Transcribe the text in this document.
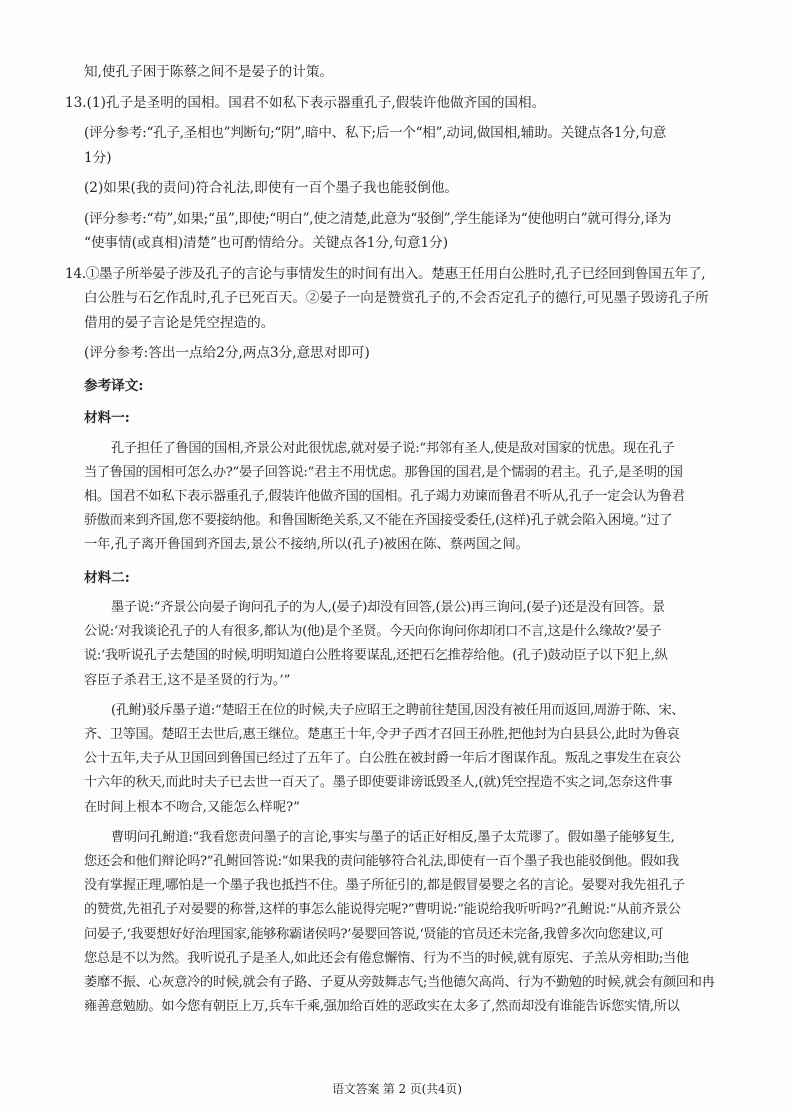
知,使孔子困于陈蔡之间不是晏子的计策。
13.(1)孔子是圣明的国相。国君不如私下表示器重孔子,假装许他做齐国的国相。
(评分参考:“孔子,圣相也”判断句;“阴”,暗中、私下;后一个“相”,动词,做国相,辅助。关键点各1分,句意
1分)
(2)如果(我的责问)符合礼法,即使有一百个墨子我也能驳倒他。
(评分参考:“苟”,如果;“虽”,即使;“明白”,使之清楚,此意为“驳倒”,学生能译为“使他明白”就可得分,译为
“使事情(或真相)清楚”也可酌情给分。关键点各1分,句意1分)
14.①墨子所举晏子涉及孔子的言论与事情发生的时间有出入。楚惠王任用白公胜时,孔子已经回到鲁国五年了,
白公胜与石乞作乱时,孔子已死百天。②晏子一向是赞赏孔子的,不会否定孔子的德行,可见墨子毁谤孔子所
借用的晏子言论是凭空捏造的。
(评分参考:答出一点给2分,两点3分,意思对即可)
参考译文:
材料一:
孔子担任了鲁国的国相,齐景公对此很忧虑,就对晏子说:“邦邻有圣人,使是敌对国家的忧患。现在孔子
当了鲁国的国相可怎么办?”晏子回答说:“君主不用忧虑。那鲁国的国君,是个懦弱的君主。孔子,是圣明的国
相。国君不如私下表示器重孔子,假装许他做齐国的国相。孔子竭力劝谏而鲁君不听从,孔子一定会认为鲁君
骄傲而来到齐国,您不要接纳他。和鲁国断绝关系,又不能在齐国接受委任,(这样)孔子就会陷入困境。”过了
一年,孔子离开鲁国到齐国去,景公不接纳,所以(孔子)被困在陈、蔡两国之间。
材料二:
墨子说:“齐景公向晏子询问孔子的为人,(晏子)却没有回答,(景公)再三询问,(晏子)还是没有回答。景
公说:‘对我谈论孔子的人有很多,都认为(他)是个圣贤。今天向你询问你却闭口不言,这是什么缘故?’晏子
说:‘我听说孔子去楚国的时候,明明知道白公胜将要谋乱,还把石乞推荐给他。(孔子)鼓动臣子以下犯上,纵
容臣子杀君王,这不是圣贤的行为。’”
(孔鲋)驳斥墨子道:“楚昭王在位的时候,夫子应昭王之聘前往楚国,因没有被任用而返回,周游于陈、宋、
齐、卫等国。楚昭王去世后,惠王继位。楚惠王十年,令尹子西才召回王孙胜,把他封为白县县公,此时为鲁哀
公十五年,夫子从卫国回到鲁国已经过了五年了。白公胜在被封爵一年后才图谋作乱。叛乱之事发生在哀公
十六年的秋天,而此时夫子已去世一百天了。墨子即使要诽谤诋毁圣人,(就)凭空捏造不实之词,怎奈这件事
在时间上根本不吻合,又能怎么样呢?”
曹明问孔鲋道:“我看您责问墨子的言论,事实与墨子的话正好相反,墨子太荒谬了。假如墨子能够复生,
您还会和他们辩论吗?”孔鲋回答说:“如果我的责问能够符合礼法,即使有一百个墨子我也能驳倒他。假如我
没有掌握正理,哪怕是一个墨子我也抵挡不住。墨子所征引的,都是假冒晏婴之名的言论。晏婴对我先祖孔子
的赞赏,先祖孔子对晏婴的称誉,这样的事怎么能说得完呢?”曹明说:“能说给我听听吗?”孔鲋说:“从前齐景公
问晏子,‘我要想好好治理国家,能够称霸诸侯吗?’晏婴回答说,‘贤能的官员还未完备,我曾多次向您建议,可
您总是不以为然。我听说孔子是圣人,如此还会有倦怠懈惰、行为不当的时候,就有原宪、子羔从旁相助;当他
萎靡不振、心灰意冷的时候,就会有子路、子夏从旁鼓舞志气;当他德欠高尚、行为不勤勉的时候,就会有颜回和冉
雍善意勉励。如今您有朝臣上万,兵车千乘,强加给百姓的恶政实在太多了,然而却没有谁能告诉您实情,所以
语文答案 第 2 页(共4页)
